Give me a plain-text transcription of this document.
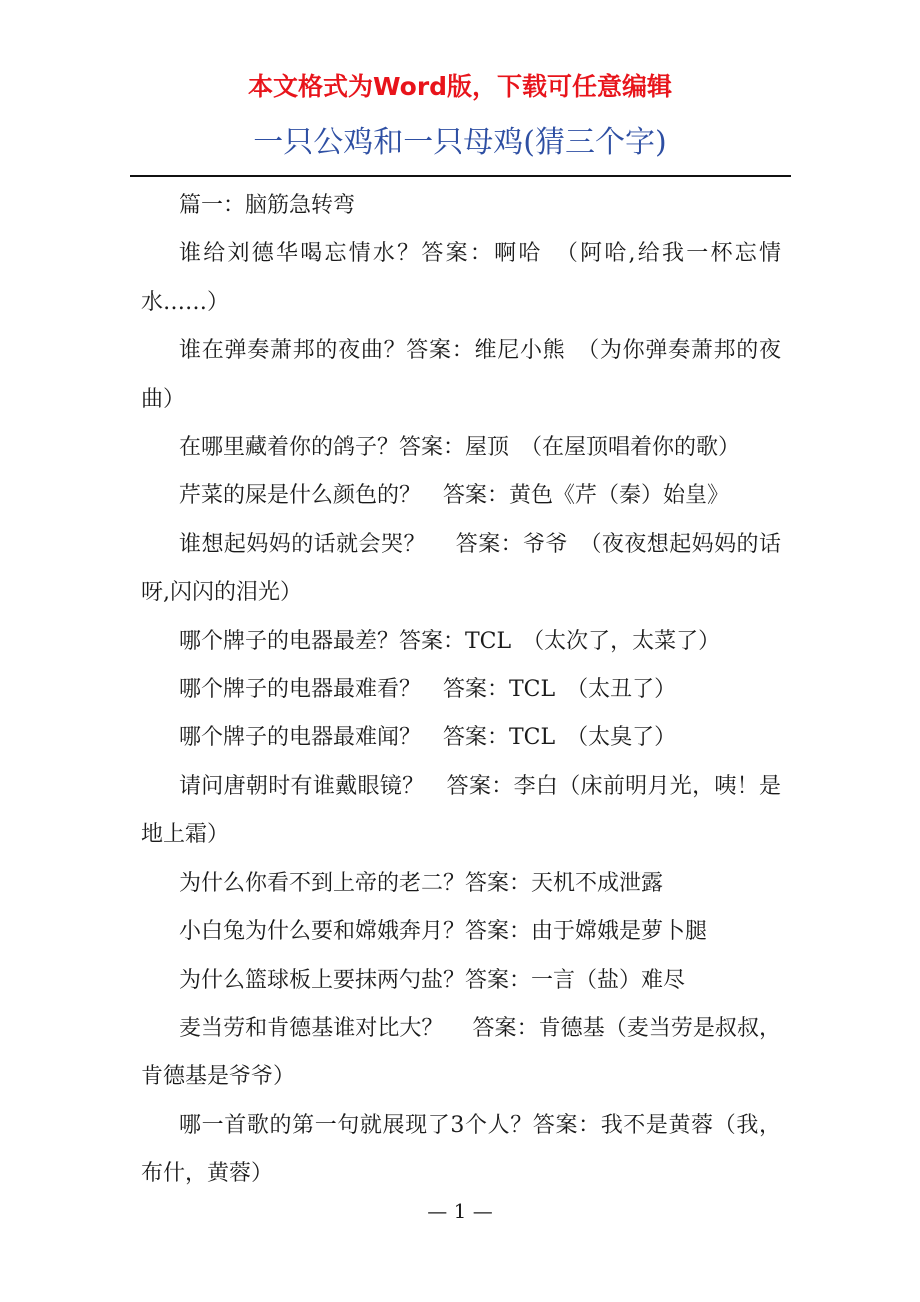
本文格式为Word版，下载可任意编辑
一只公鸡和一只母鸡(猜三个字)

篇一：脑筋急转弯

谁给刘德华喝忘情水？答案：啊哈　（阿哈,给我一杯忘情水……）

谁在弹奏萧邦的夜曲？答案：维尼小熊　（为你弹奏萧邦的夜曲）

在哪里藏着你的鸽子？答案：屋顶　（在屋顶唱着你的歌）

芹菜的屎是什么颜色的？　答案：黄色《芹（秦）始皇》

谁想起妈妈的话就会哭？　 答案：爷爷　（夜夜想起妈妈的话呀,闪闪的泪光）

哪个牌子的电器最差？答案：TCL　（太次了，太菜了）

哪个牌子的电器最难看？　答案：TCL　（太丑了）

哪个牌子的电器最难闻？　答案：TCL　（太臭了）

请问唐朝时有谁戴眼镜？　答案：李白（床前明月光，咦！是地上霜）

为什么你看不到上帝的老二？答案：天机不成泄露

小白兔为什么要和嫦娥奔月？答案：由于嫦娥是萝卜腿

为什么篮球板上要抹两勺盐？答案：一言（盐）难尽

麦当劳和肯德基谁对比大？　 答案：肯德基（麦当劳是叔叔，肯德基是爷爷）

哪一首歌的第一句就展现了3个人？答案：我不是黄蓉（我，布什，黄蓉）

— 1 —
